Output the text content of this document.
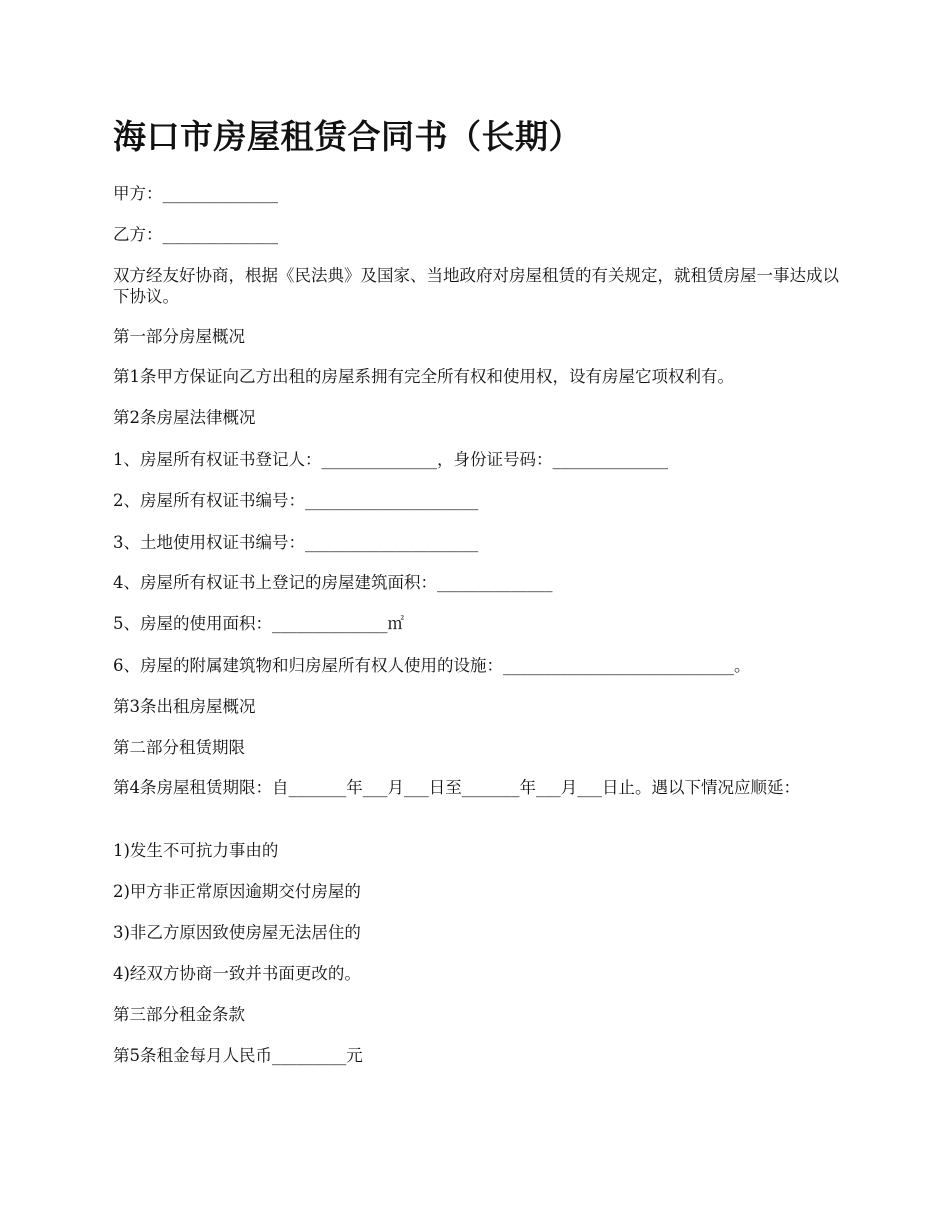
海口市房屋租赁合同书（长期）

甲方：______________

乙方：______________

双方经友好协商，根据《民法典》及国家、当地政府对房屋租赁的有关规定，就租赁房屋一事达成以下协议。

第一部分房屋概况

第1条甲方保证向乙方出租的房屋系拥有完全所有权和使用权，设有房屋它项权利有。

第2条房屋法律概况

1、房屋所有权证书登记人：______________，身份证号码：______________

2、房屋所有权证书编号：_____________________

3、土地使用权证书编号：_____________________

4、房屋所有权证书上登记的房屋建筑面积：______________

5、房屋的使用面积：______________㎡

6、房屋的附属建筑物和归房屋所有权人使用的设施：____________________________。

第3条出租房屋概况

第二部分租赁期限

第4条房屋租赁期限：自_______年___月___日至_______年___月___日止。遇以下情况应顺延：

1)发生不可抗力事由的

2)甲方非正常原因逾期交付房屋的

3)非乙方原因致使房屋无法居住的

4)经双方协商一致并书面更改的。

第三部分租金条款

第5条租金每月人民币_________元
